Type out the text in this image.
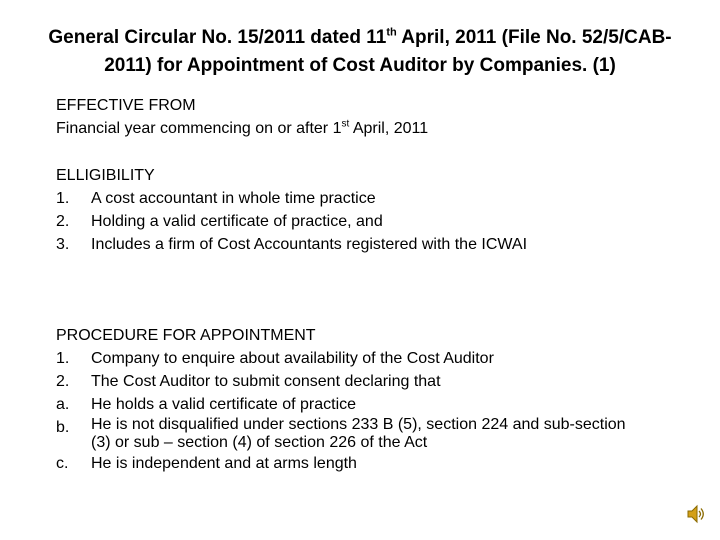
General Circular No. 15/2011 dated 11th April, 2011 (File No. 52/5/CAB-2011) for Appointment of Cost Auditor by Companies. (1)
EFFECTIVE FROM
Financial year commencing on or after 1st April, 2011
ELLIGIBILITY
1. A cost accountant in whole time practice
2. Holding a valid certificate of practice, and
3. Includes a firm of Cost Accountants registered with the ICWAI
PROCEDURE FOR APPOINTMENT
1. Company to enquire about availability of the Cost Auditor
2. The Cost Auditor to submit consent declaring that
a. He holds a valid certificate of practice
b. He is not disqualified under sections 233 B (5), section 224 and sub-section (3) or sub – section (4) of section 226 of the Act
c. He is independent and at arms length
